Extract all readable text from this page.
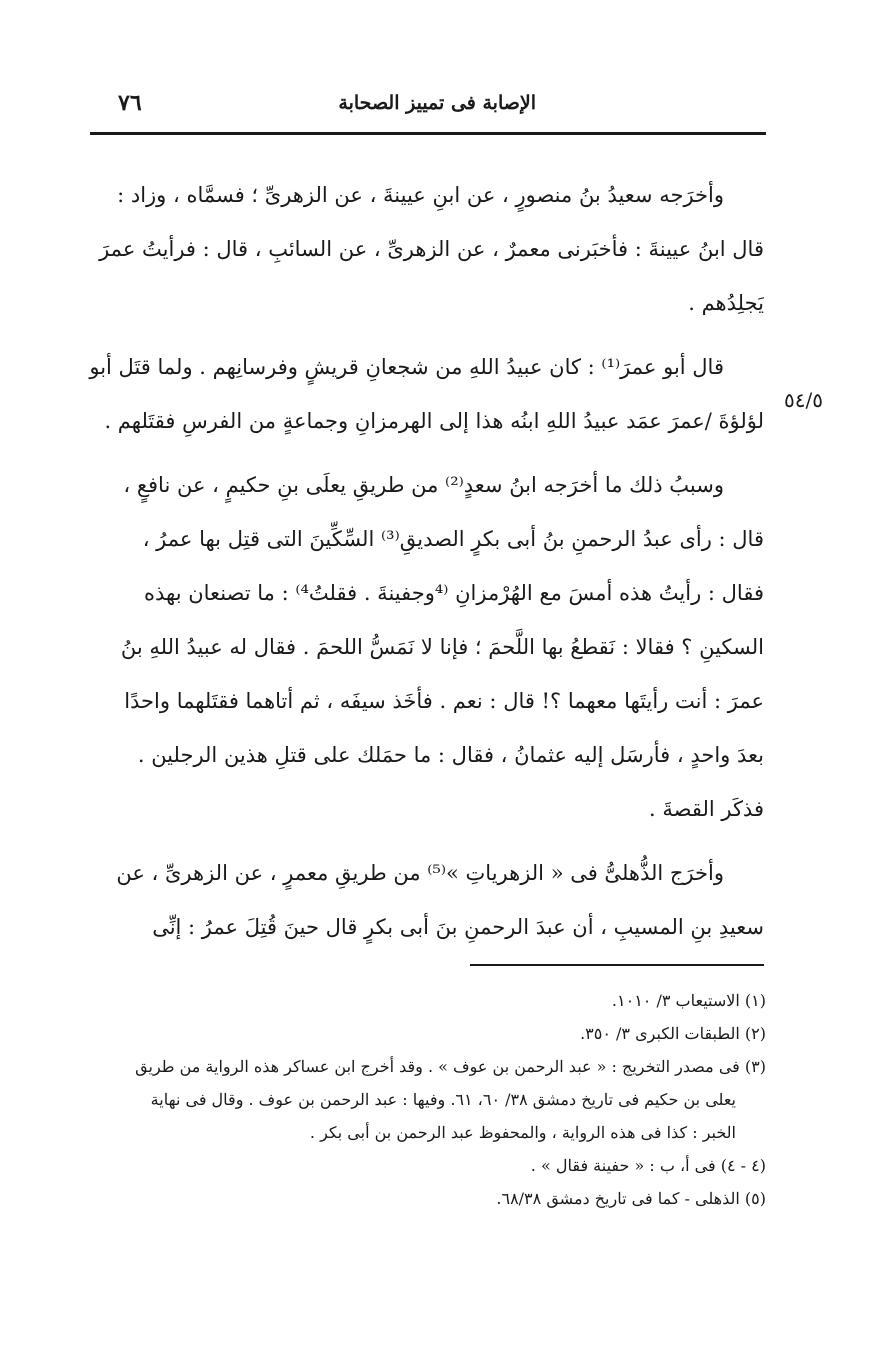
٧٦	الإصابة فى تمييز الصحابة
٥٤/٥
وأخرَجه سعيدُ بنُ منصورٍ ، عن ابنِ عيينةَ ، عن الزهرىِّ ؛ فسمَّاه ، وزاد :
قال ابنُ عيينةَ : فأخبَرنى معمرٌ ، عن الزهرىِّ ، عن السائبِ ، قال : فرأيتُ عمرَ
يَجلِدُهم .
قال أبو عمرَ⁽¹⁾ : كان عبيدُ اللهِ من شجعانِ قريشٍ وفرسانِهم . ولما قتَل أبو
لؤلؤةَ /عمرَ عمَد عبيدُ اللهِ ابنُه هذا إلى الهرمزانِ وجماعةٍ من الفرسِ فقتَلهم .
وسببُ ذلك ما أخرَجه ابنُ سعدٍ⁽²⁾ من طريقِ يعلَى بنِ حكيمٍ ، عن نافعٍ ،
قال : رأى عبدُ الرحمنِ بنُ أبى بكرٍ الصديقِ⁽³⁾ السِّكِّينَ التى قتِل بها عمرُ ،
فقال : رأيتُ هذه أمسَ مع الهُرْمزانِ ⁽⁴وجفينةَ . فقلتُ⁴⁾ : ما تصنعان بهذه
السكينِ ؟ فقالا : نَقطعُ بها اللَّحمَ ؛ فإنا لا نَمَسُّ اللحمَ . فقال له عبيدُ اللهِ بنُ
عمرَ : أنت رأيتَها معهما ؟! قال : نعم . فأخَذ سيفَه ، ثم أتاهما فقتَلهما واحدًا
بعدَ واحدٍ ، فأرسَل إليه عثمانُ ، فقال : ما حمَلك على قتلِ هذين الرجلين .
فذكَر القصةَ .
وأخرَج الذُّهلىُّ فى « الزهرياتِ »⁽⁵⁾ من طريقِ معمرٍ ، عن الزهرىِّ ، عن
سعيدِ بنِ المسيبِ ، أن عبدَ الرحمنِ بنَ أبى بكرٍ قال حينَ قُتِلَ عمرُ : إنِّى
(١) الاستيعاب ٣/ ١٠١٠.
(٢) الطبقات الكبرى ٣/ ٣٥٠.
(٣) فى مصدر التخريج : « عبد الرحمن بن عوف » . وقد أخرج ابن عساكر هذه الرواية من طريق
يعلى بن حكيم فى تاريخ دمشق ٣٨/ ٦٠، ٦١. وفيها : عبد الرحمن بن عوف . وقال فى نهاية
الخبر : كذا فى هذه الرواية ، والمحفوظ عبد الرحمن بن أبى بكر .
(٤ - ٤) فى أ، ب : « حفينة فقال » .
(٥) الذهلى - كما فى تاريخ دمشق ٦٨/٣٨.
